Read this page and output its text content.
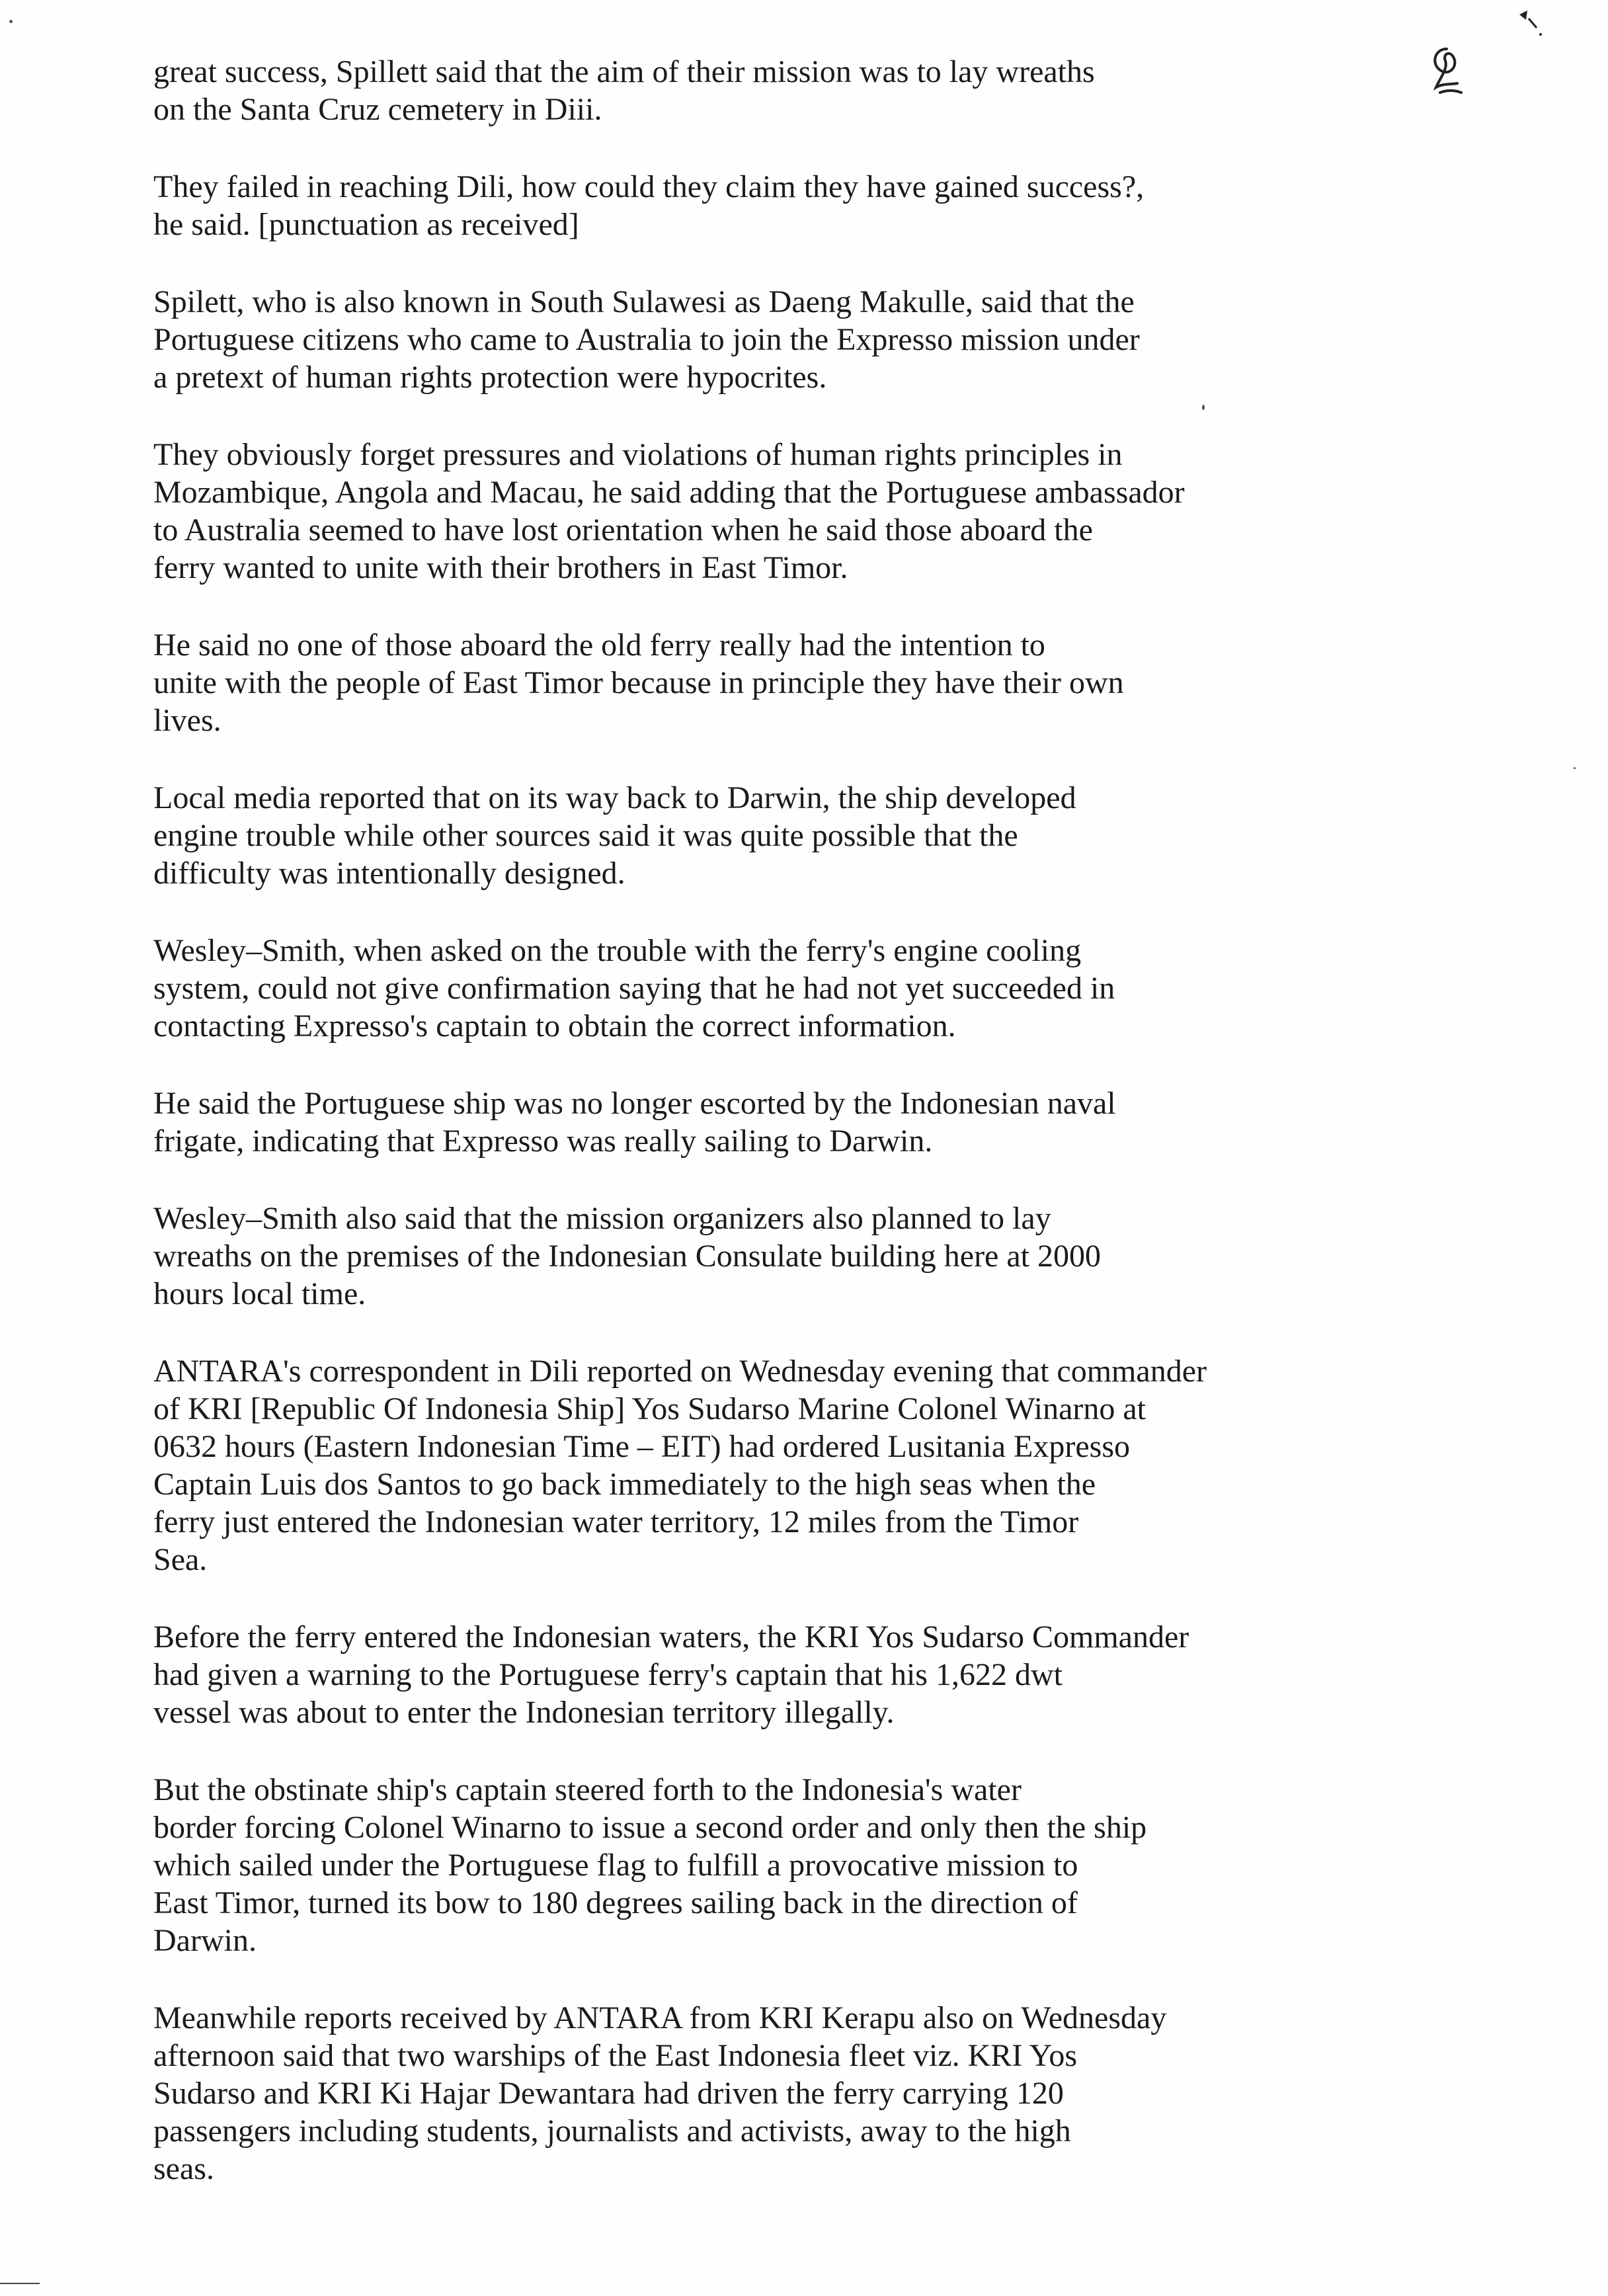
great success, Spillett said that the aim of their mission was to lay wreaths
on the Santa Cruz cemetery in Diii.

They failed in reaching Dili, how could they claim they have gained success?,
he said. [punctuation as received]

Spilett, who is also known in South Sulawesi as Daeng Makulle, said that the
Portuguese citizens who came to Australia to join the Expresso mission under
a pretext of human rights protection were hypocrites.

They obviously forget pressures and violations of human rights principles in
Mozambique, Angola and Macau, he said adding that the Portuguese ambassador
to Australia seemed to have lost orientation when he said those aboard the
ferry wanted to unite with their brothers in East Timor.

He said no one of those aboard the old ferry really had the intention to
unite with the people of East Timor because in principle they have their own
lives.

Local media reported that on its way back to Darwin, the ship developed
engine trouble while other sources said it was quite possible that the
difficulty was intentionally designed.

Wesley–Smith, when asked on the trouble with the ferry's engine cooling
system, could not give confirmation saying that he had not yet succeeded in
contacting Expresso's captain to obtain the correct information.

He said the Portuguese ship was no longer escorted by the Indonesian naval
frigate, indicating that Expresso was really sailing to Darwin.

Wesley–Smith also said that the mission organizers also planned to lay
wreaths on the premises of the Indonesian Consulate building here at 2000
hours local time.

ANTARA's correspondent in Dili reported on Wednesday evening that commander
of KRI [Republic Of Indonesia Ship] Yos Sudarso Marine Colonel Winarno at
0632 hours (Eastern Indonesian Time – EIT) had ordered Lusitania Expresso
Captain Luis dos Santos to go back immediately to the high seas when the
ferry just entered the Indonesian water territory, 12 miles from the Timor
Sea.

Before the ferry entered the Indonesian waters, the KRI Yos Sudarso Commander
had given a warning to the Portuguese ferry's captain that his 1,622 dwt
vessel was about to enter the Indonesian territory illegally.

But the obstinate ship's captain steered forth to the Indonesia's water
border forcing Colonel Winarno to issue a second order and only then the ship
which sailed under the Portuguese flag to fulfill a provocative mission to
East Timor, turned its bow to 180 degrees sailing back in the direction of
Darwin.

Meanwhile reports received by ANTARA from KRI Kerapu also on Wednesday
afternoon said that two warships of the East Indonesia fleet viz. KRI Yos
Sudarso and KRI Ki Hajar Dewantara had driven the ferry carrying 120
passengers including students, journalists and activists, away to the high
seas.
